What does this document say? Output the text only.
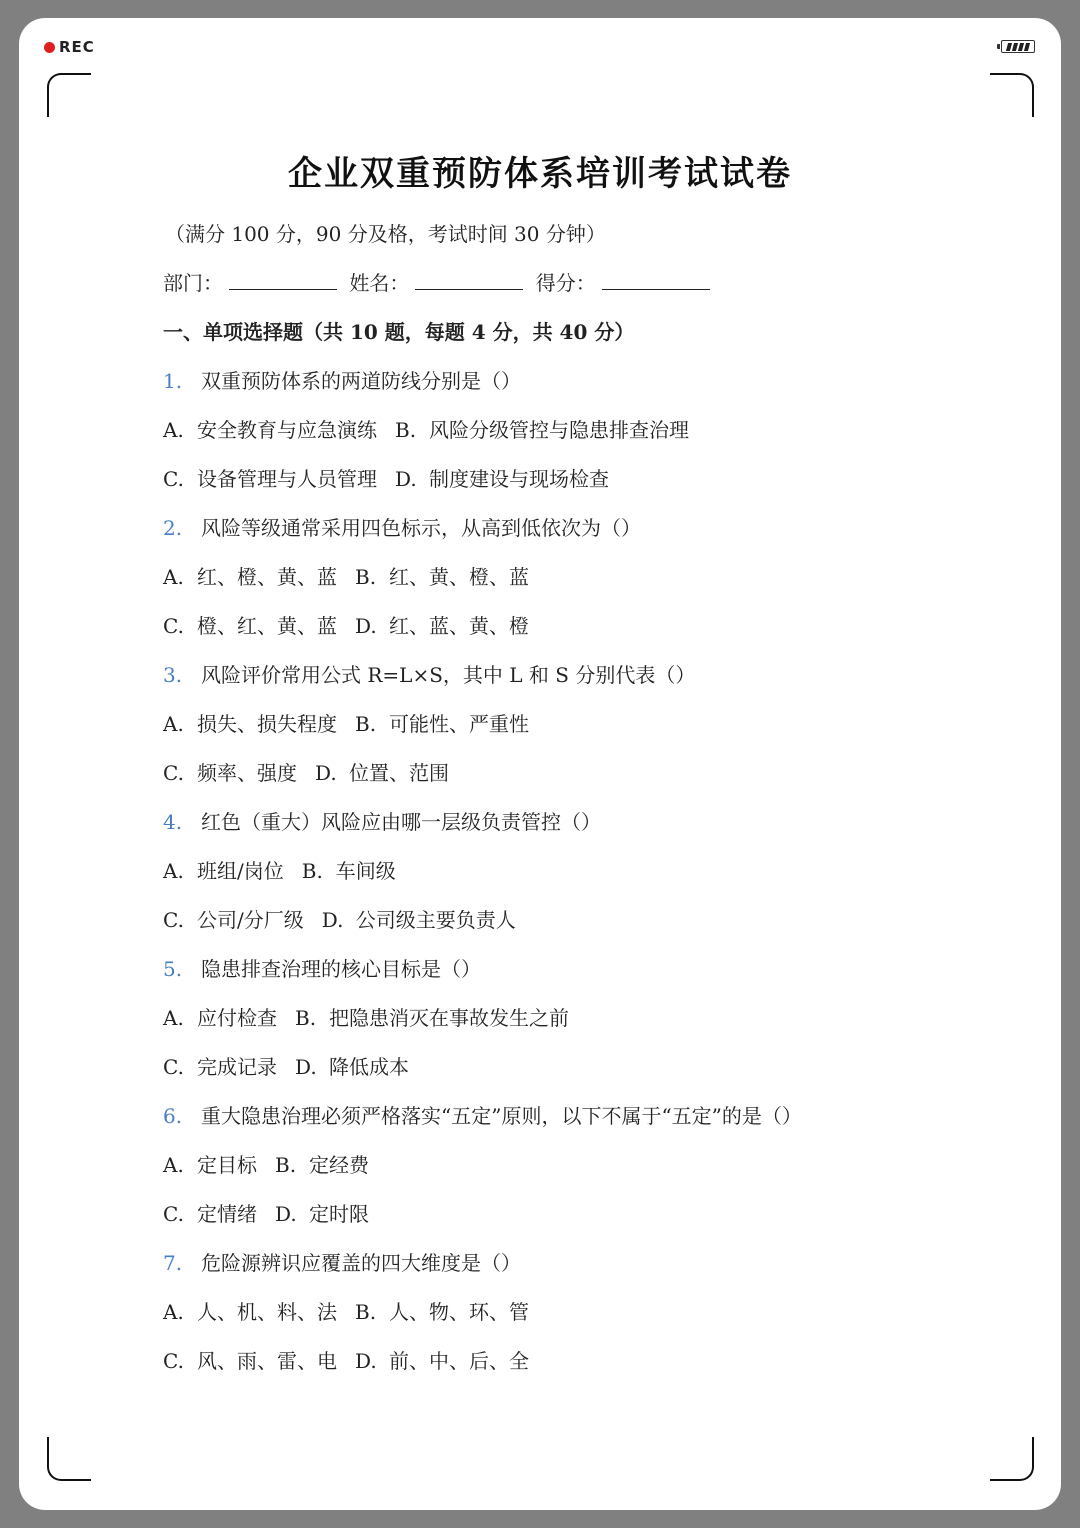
REC
企业双重预防体系培训考试试卷
（满分 100 分，90 分及格，考试时间 30 分钟）
部门：	姓名：	得分：
一、单项选择题（共 10 题，每题 4 分，共 40 分）
1. 双重预防体系的两道防线分别是（）
A. 安全教育与应急演练 B. 风险分级管控与隐患排查治理
C. 设备管理与人员管理 D. 制度建设与现场检查
2. 风险等级通常采用四色标示，从高到低依次为（）
A. 红、橙、黄、蓝 B. 红、黄、橙、蓝
C. 橙、红、黄、蓝 D. 红、蓝、黄、橙
3. 风险评价常用公式 R=L×S，其中 L 和 S 分别代表（）
A. 损失、损失程度 B. 可能性、严重性
C. 频率、强度 D. 位置、范围
4. 红色（重大）风险应由哪一层级负责管控（）
A. 班组/岗位 B. 车间级
C. 公司/分厂级 D. 公司级主要负责人
5. 隐患排查治理的核心目标是（）
A. 应付检查 B. 把隐患消灭在事故发生之前
C. 完成记录 D. 降低成本
6. 重大隐患治理必须严格落实“五定”原则，以下不属于“五定”的是（）
A. 定目标 B. 定经费
C. 定情绪 D. 定时限
7. 危险源辨识应覆盖的四大维度是（）
A. 人、机、料、法 B. 人、物、环、管
C. 风、雨、雷、电 D. 前、中、后、全
